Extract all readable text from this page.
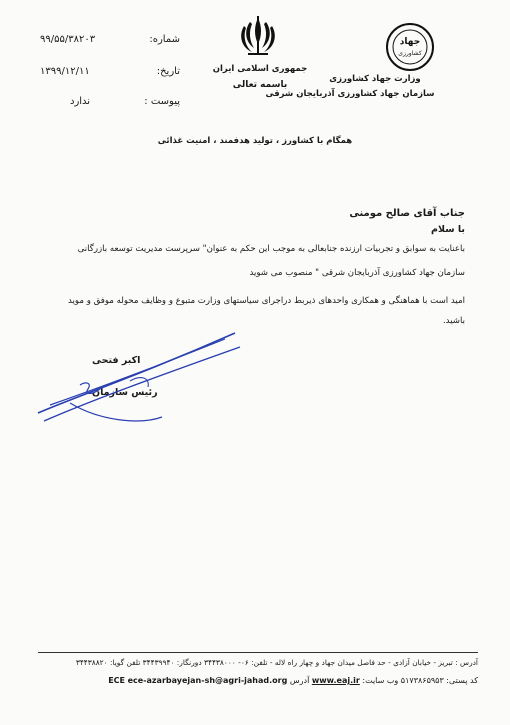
شماره:
۹۹/۵۵/۳۸۲۰۳
تاریخ:
۱۳۹۹/۱۲/۱۱
پیوست :
ندارد
جمهوری اسلامی ایران
باسمه تعالی
جهاد
کشاورزی
وزارت جهاد کشاورزی
سازمان جهاد کشاورزی آذربایجان شرقی
همگام با کشاورز ، تولید هدفمند ، امنیت غذائی
جناب آقای صالح مومنی
با سلام
باعنایت به سوابق و تجربیات ارزنده جنابعالی به موجب این حکم به عنوان" سرپرست مدیریت توسعه بازرگانی
سازمان جهاد کشاورزی آذربایجان شرقی " منصوب می شوید
امید است با هماهنگی و همکاری واحدهای ذیربط دراجرای سیاستهای وزارت متبوع و وظایف محوله موفق و موید
باشید.
اکبر فتحی
رئیس سازمان
آدرس : تبریز - خیابان آزادی - حد فاصل میدان جهاد و چهار راه لاله - تلفن: ۰۶- ۳۴۴۳۸۰۰۰ دورنگار: ۳۴۴۳۹۹۴۰ تلفن گویا: ۳۴۴۳۸۸۲۰
کد پستی: ۵۱۷۳۸۶۵۹۵۳ وب سایت: www.eaj.ir آدرس ECE ece-azarbayejan-sh@agri-jahad.org
